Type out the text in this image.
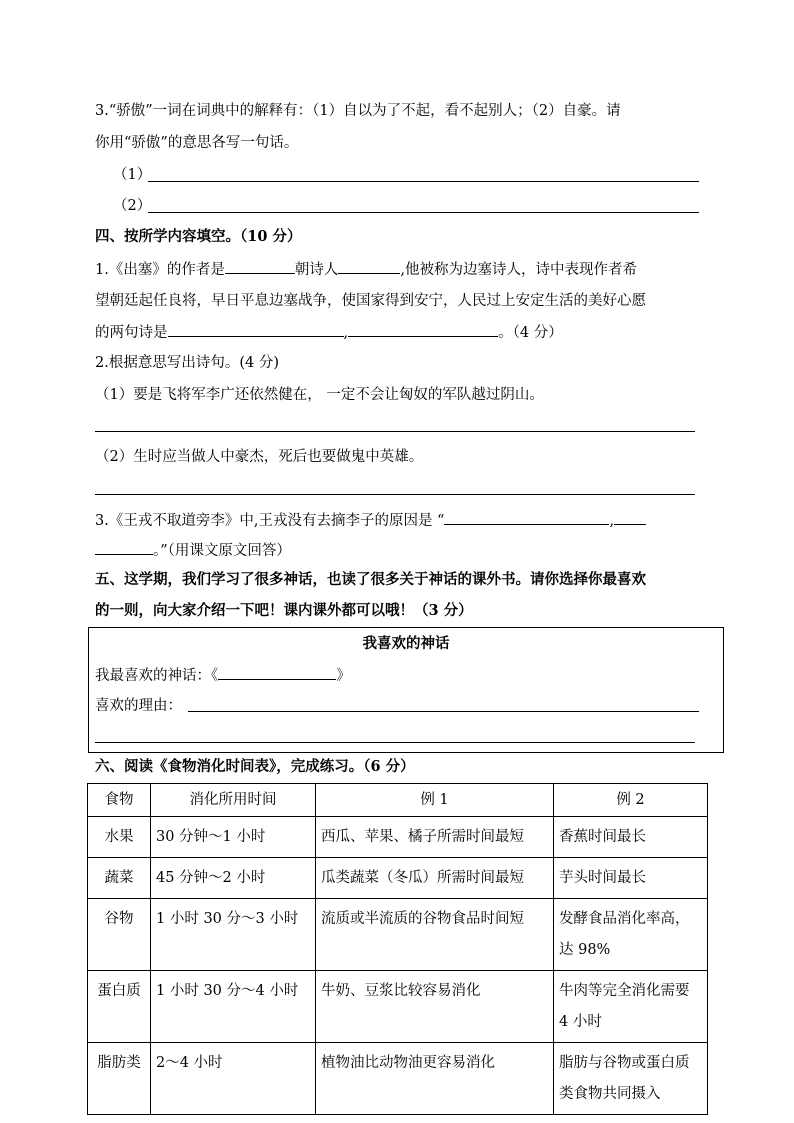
3.“骄傲”一词在词典中的解释有：（1）自以为了不起，看不起别人；（2）自豪。请
你用“骄傲”的意思各写一句话。
（1）
（2）
四、按所学内容填空。（10 分）
1.《出塞》的作者是	朝诗人	,他被称为边塞诗人，诗中表现作者希
望朝廷起任良将，早日平息边塞战争，使国家得到安宁，人民过上安定生活的美好心愿
的两句诗是	,	。（4 分）
2.根据意思写出诗句。(4 分)
（1）要是飞将军李广还依然健在， 一定不会让匈奴的军队越过阴山。
（2）生时应当做人中豪杰，死后也要做鬼中英雄。
3.《王戎不取道旁李》中,王戎没有去摘李子的原因是 “	,
。”（用课文原文回答）
五、这学期，我们学习了很多神话，也读了很多关于神话的课外书。请你选择你最喜欢
的一则，向大家介绍一下吧！课内课外都可以哦！（3 分）
我喜欢的神话
我最喜欢的神话：《	》
喜欢的理由：
六、阅读《食物消化时间表》，完成练习。（6 分）
食物	消化所用时间	例 1	例 2
水果	30 分钟～1 小时	西瓜、苹果、橘子所需时间最短	香蕉时间最长
蔬菜	45 分钟～2 小时	瓜类蔬菜（冬瓜）所需时间最短	芋头时间最长
谷物	1 小时 30 分～3 小时	流质或半流质的谷物食品时间短	发酵食品消化率高，达 98%
蛋白质	1 小时 30 分～4 小时	牛奶、豆浆比较容易消化	牛肉等完全消化需要 4 小时
脂肪类	2～4 小时	植物油比动物油更容易消化	脂肪与谷物或蛋白质类食物共同摄入
